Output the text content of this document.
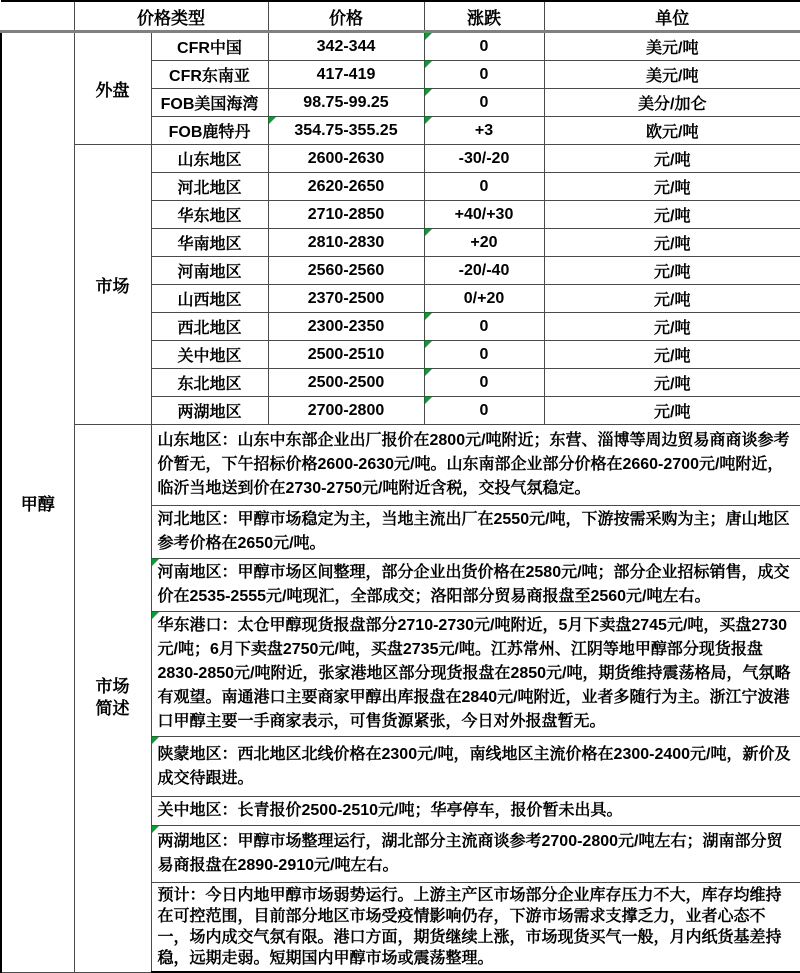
	价格类型		价格	涨跌	单位
甲醇	外盘	CFR中国	342-344	0	美元/吨
		CFR东南亚	417-419	0	美元/吨
		FOB美国海湾	98.75-99.25	0	美分/加仑
		FOB鹿特丹	354.75-355.25	+3	欧元/吨
	市场	山东地区	2600-2630	-30/-20	元/吨
		河北地区	2620-2650	0	元/吨
		华东地区	2710-2850	+40/+30	元/吨
		华南地区	2810-2830	+20	元/吨
		河南地区	2560-2560	-20/-40	元/吨
		山西地区	2370-2500	0/+20	元/吨
		西北地区	2300-2350	0	元/吨
		关中地区	2500-2510	0	元/吨
		东北地区	2500-2500	0	元/吨
		两湖地区	2700-2800	0	元/吨

	市场简述	山东地区：山东中东部企业出厂报价在2800元/吨附近；东营、淄博等周边贸易商商谈参考价暂无，下午招标价格2600-2630元/吨。山东南部企业部分价格在2660-2700元/吨附近，临沂当地送到价在2730-2750元/吨附近含税，交投气氛稳定。			
		河北地区：甲醇市场稳定为主，当地主流出厂在2550元/吨，下游按需采购为主；唐山地区参考价格在2650元/吨。			
		河南地区：甲醇市场区间整理，部分企业出货价格在2580元/吨；部分企业招标销售，成交价在2535-2555元/吨现汇，全部成交；洛阳部分贸易商报盘至2560元/吨左右。			
		华东港口：太仓甲醇现货报盘部分2710-2730元/吨附近，5月下卖盘2745元/吨，买盘2730元/吨；6月下卖盘2750元/吨，买盘2735元/吨。江苏常州、江阴等地甲醇部分现货报盘2830-2850元/吨附近，张家港地区部分现货报盘在2850元/吨，期货维持震荡格局，气氛略有观望。南通港口主要商家甲醇出库报盘在2840元/吨附近，业者多随行为主。浙江宁波港口甲醇主要一手商家表示，可售货源紧张，今日对外报盘暂无。			
		陕蒙地区：西北地区北线价格在2300元/吨，南线地区主流价格在2300-2400元/吨，新价及成交待跟进。			
		关中地区：长青报价2500-2510元/吨；华亭停车，报价暂未出具。			
		两湖地区：甲醇市场整理运行，湖北部分主流商谈参考2700-2800元/吨左右；湖南部分贸易商报盘在2890-2910元/吨左右。			
		预计：今日内地甲醇市场弱势运行。上游主产区市场部分企业库存压力不大，库存均维持在可控范围，目前部分地区市场受疫情影响仍存，下游市场需求支撑乏力，业者心态不一，场内成交气氛有限。港口方面，期货继续上涨，市场现货买气一般，月内纸货基差持稳，远期走弱。短期国内甲醇市场或震荡整理。			
